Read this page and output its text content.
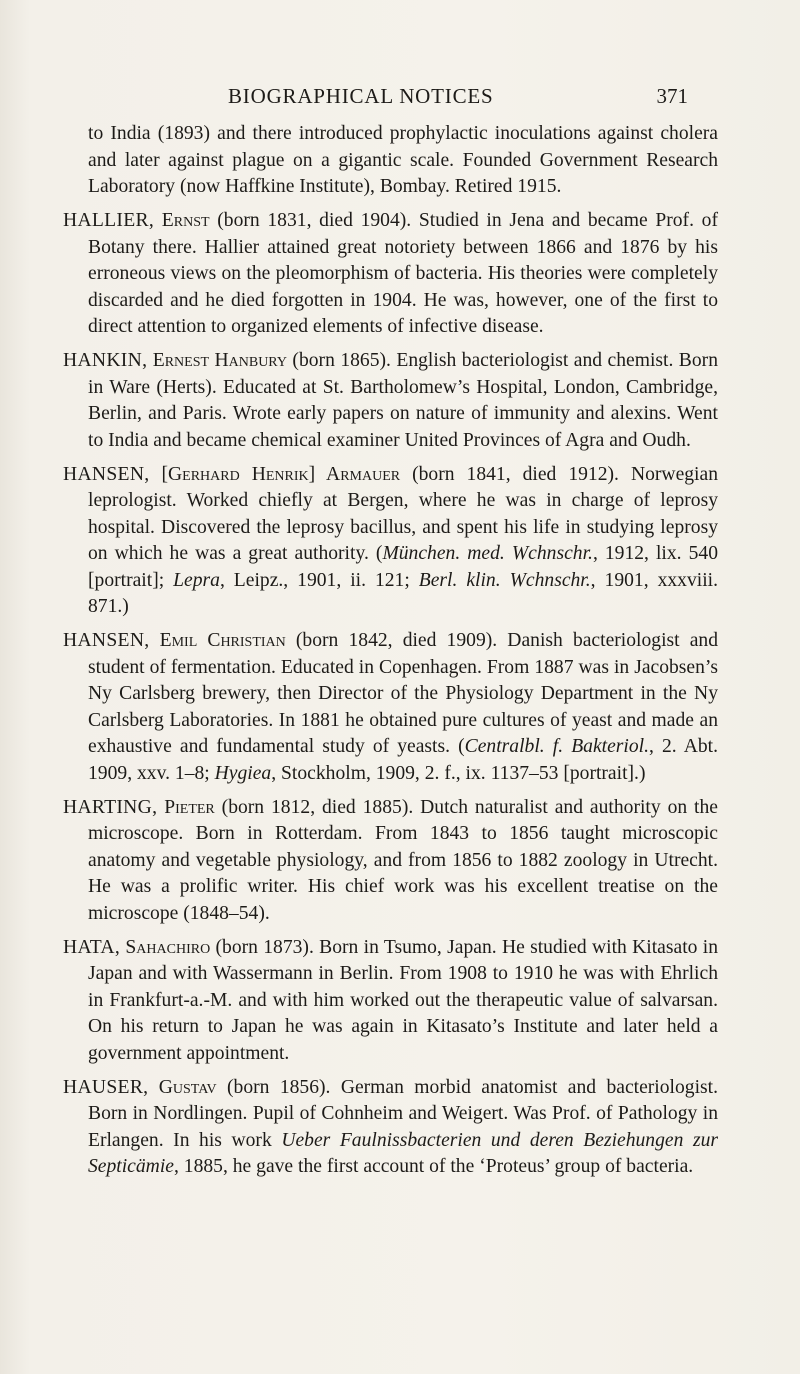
BIOGRAPHICAL NOTICES	371

to India (1893) and there introduced prophylactic inoculations against cholera and later against plague on a gigantic scale. Founded Government Research Laboratory (now Haffkine Institute), Bombay. Retired 1915.

HALLIER, Ernst (born 1831, died 1904). Studied in Jena and became Prof. of Botany there. Hallier attained great notoriety between 1866 and 1876 by his erroneous views on the pleomorphism of bacteria. His theories were completely discarded and he died forgotten in 1904. He was, however, one of the first to direct attention to organized elements of infective disease.

HANKIN, Ernest Hanbury (born 1865). English bacteriologist and chemist. Born in Ware (Herts). Educated at St. Bartholomew’s Hospital, London, Cambridge, Berlin, and Paris. Wrote early papers on nature of immunity and alexins. Went to India and became chemical examiner United Provinces of Agra and Oudh.

HANSEN, [Gerhard Henrik] Armauer (born 1841, died 1912). Norwegian leprologist. Worked chiefly at Bergen, where he was in charge of leprosy hospital. Discovered the leprosy bacillus, and spent his life in studying leprosy on which he was a great authority. (München. med. Wchnschr., 1912, lix. 540 [portrait]; Lepra, Leipz., 1901, ii. 121; Berl. klin. Wchnschr., 1901, xxxviii. 871.)

HANSEN, Emil Christian (born 1842, died 1909). Danish bacteriologist and student of fermentation. Educated in Copenhagen. From 1887 was in Jacobsen’s Ny Carlsberg brewery, then Director of the Physiology Department in the Ny Carlsberg Laboratories. In 1881 he obtained pure cultures of yeast and made an exhaustive and fundamental study of yeasts. (Centralbl. f. Bakteriol., 2. Abt. 1909, xxv. 1–8; Hygiea, Stockholm, 1909, 2. f., ix. 1137–53 [portrait].)

HARTING, Pieter (born 1812, died 1885). Dutch naturalist and authority on the microscope. Born in Rotterdam. From 1843 to 1856 taught microscopic anatomy and vegetable physiology, and from 1856 to 1882 zoology in Utrecht. He was a prolific writer. His chief work was his excellent treatise on the microscope (1848–54).

HATA, Sahachiro (born 1873). Born in Tsumo, Japan. He studied with Kitasato in Japan and with Wassermann in Berlin. From 1908 to 1910 he was with Ehrlich in Frankfurt-a.-M. and with him worked out the therapeutic value of salvarsan. On his return to Japan he was again in Kitasato’s Institute and later held a government appointment.

HAUSER, Gustav (born 1856). German morbid anatomist and bacteriologist. Born in Nordlingen. Pupil of Cohnheim and Weigert. Was Prof. of Pathology in Erlangen. In his work Ueber Faulnissbacterien und deren Beziehungen zur Septicämie, 1885, he gave the first account of the ‘Proteus’ group of bacteria.
